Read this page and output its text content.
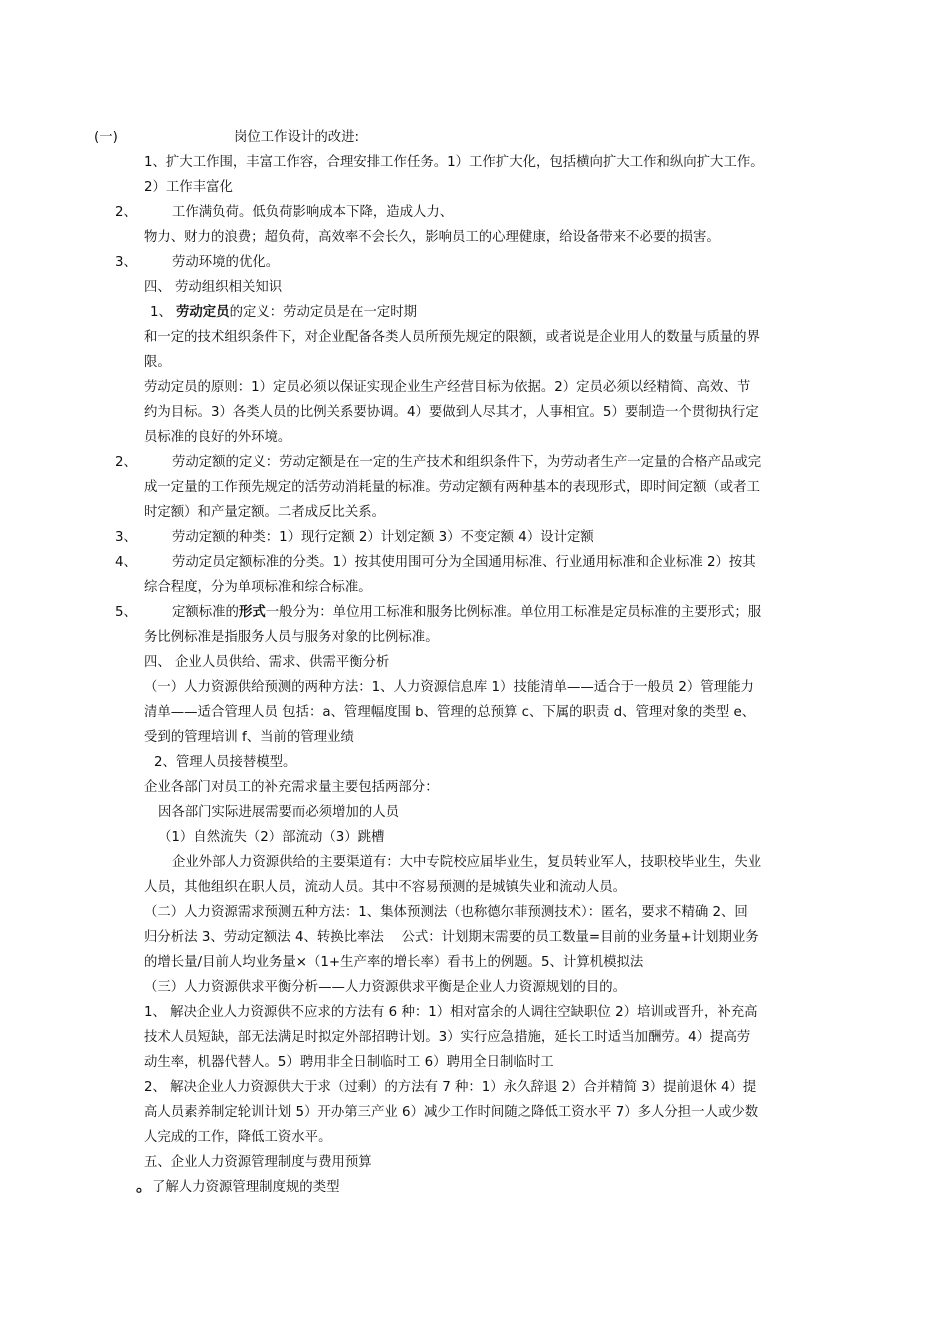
(一)	岗位工作设计的改进:
1、扩大工作围，丰富工作容，合理安排工作任务。1）工作扩大化，包括横向扩大工作和纵向扩大工作。
2）工作丰富化
2、	工作满负荷。低负荷影响成本下降，造成人力、
物力、财力的浪费；超负荷，高效率不会长久，影响员工的心理健康，给设备带来不必要的损害。
3、	劳动环境的优化。
四、 劳动组织相关知识
1、 劳动定员的定义：劳动定员是在一定时期
和一定的技术组织条件下，对企业配备各类人员所预先规定的限额，或者说是企业用人的数量与质量的界
限。
劳动定员的原则：1）定员必须以保证实现企业生产经营目标为依据。2）定员必须以经精简、高效、节
约为目标。3）各类人员的比例关系要协调。4）要做到人尽其才，人事相宜。5）要制造一个贯彻执行定
员标准的良好的外环境。
2、	劳动定额的定义：劳动定额是在一定的生产技术和组织条件下，为劳动者生产一定量的合格产品或完
成一定量的工作预先规定的活劳动消耗量的标准。劳动定额有两种基本的表现形式，即时间定额（或者工
时定额）和产量定额。二者成反比关系。
3、	劳动定额的种类：1）现行定额 2）计划定额 3）不变定额 4）设计定额
4、	劳动定员定额标准的分类。1）按其使用围可分为全国通用标准、行业通用标准和企业标准 2）按其
综合程度，分为单项标准和综合标准。
5、	定额标准的形式一般分为：单位用工标准和服务比例标准。单位用工标准是定员标准的主要形式；服
务比例标准是指服务人员与服务对象的比例标准。
四、 企业人员供给、需求、供需平衡分析
（一）人力资源供给预测的两种方法：1、人力资源信息库 1）技能清单——适合于一般员 2）管理能力
清单——适合管理人员 包括：a、管理幅度围 b、管理的总预算 c、下属的职责 d、管理对象的类型 e、
受到的管理培训 f、当前的管理业绩
2、管理人员接替模型。
企业各部门对员工的补充需求量主要包括两部分：
因各部门实际进展需要而必须增加的人员
（1）自然流失（2）部流动（3）跳槽
企业外部人力资源供给的主要渠道有：大中专院校应届毕业生，复员转业军人，技职校毕业生，失业
人员，其他组织在职人员，流动人员。其中不容易预测的是城镇失业和流动人员。
（二）人力资源需求预测五种方法：1、集体预测法（也称德尔菲预测技术）：匿名，要求不精确 2、回
归分析法 3、劳动定额法 4、转换比率法　 公式：计划期末需要的员工数量=目前的业务量+计划期业务
的增长量/目前人均业务量×（1+生产率的增长率）看书上的例题。5、计算机模拟法
（三）人力资源供求平衡分析——人力资源供求平衡是企业人力资源规划的目的。
1、 解决企业人力资源供不应求的方法有 6 种：1）相对富余的人调往空缺职位 2）培训或晋升，补充高
技术人员短缺，部无法满足时拟定外部招聘计划。3）实行应急措施，延长工时适当加酬劳。4）提高劳
动生率，机器代替人。5）聘用非全日制临时工 6）聘用全日制临时工
2、 解决企业人力资源供大于求（过剩）的方法有 7 种：1）永久辞退 2）合并精简 3）提前退休 4）提
高人员素养制定轮训计划 5）开办第三产业 6）减少工作时间随之降低工资水平 7）多人分担一人或少数
人完成的工作，降低工资水平。
五、企业人力资源管理制度与费用预算
。了解人力资源管理制度规的类型
